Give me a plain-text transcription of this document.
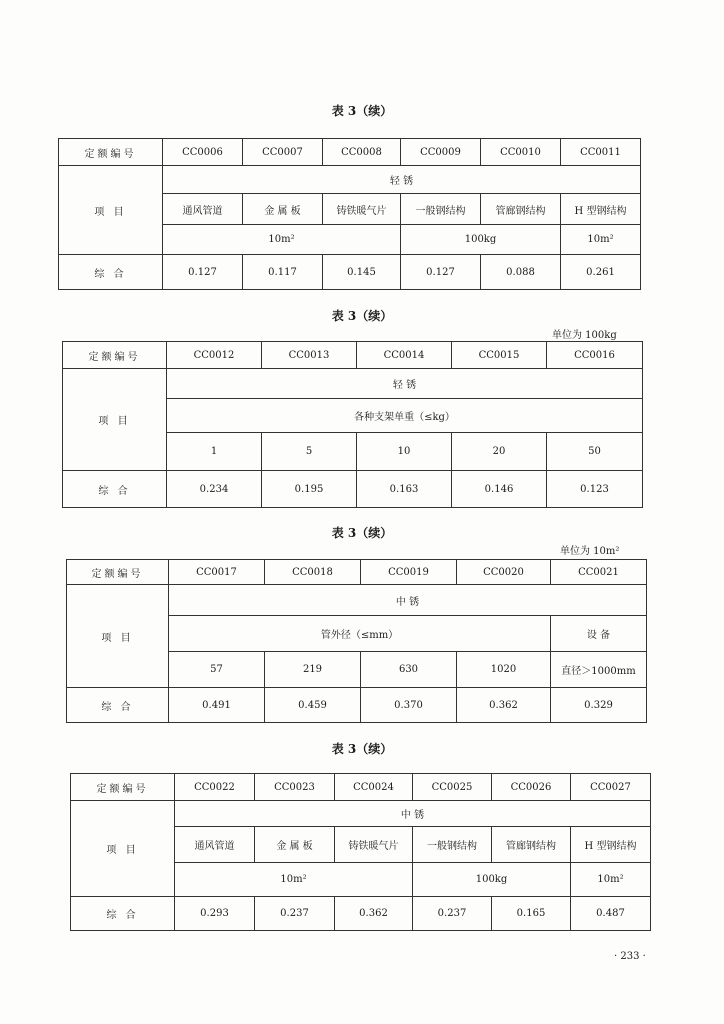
表 3（续）

定额编号	CC0006	CC0007	CC0008	CC0009	CC0010	CC0011
项 目	轻 锈					
	通风管道	金 属 板	铸铁暖气片	一般钢结构	管廊钢结构	H 型钢结构
	10m²			100kg		10m²
综 合	0.127	0.117	0.145	0.127	0.088	0.261

表 3（续）

单位为 100kg

定额编号	CC0012	CC0013	CC0014	CC0015	CC0016
项 目	轻 锈				
	各种支架单重（≤kg）				
	1	5	10	20	50
综 合	0.234	0.195	0.163	0.146	0.123

表 3（续）

单位为 10m²

定额编号	CC0017	CC0018	CC0019	CC0020	CC0021
项 目	中 锈				
	管外径（≤mm）				设 备
	57	219	630	1020	直径＞1000mm
综 合	0.491	0.459	0.370	0.362	0.329

表 3（续）

定额编号	CC0022	CC0023	CC0024	CC0025	CC0026	CC0027
项 目	中 锈					
	通风管道	金 属 板	铸铁暖气片	一般钢结构	管廊钢结构	H 型钢结构
	10m²			100kg		10m²
综 合	0.293	0.237	0.362	0.237	0.165	0.487

· 233 ·
